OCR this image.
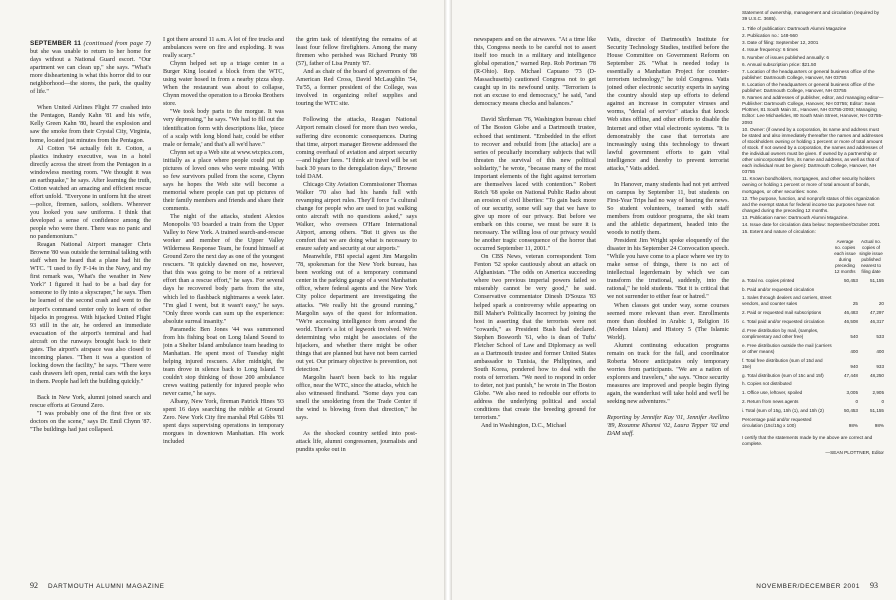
SEPTEMBER 11 (continued from page 7) but she was unable to return to her home for days without a National Guard escort. "Our apartment we can clean up," she says. "What's more disheartening is what this horror did to our neighborhood—the stores, the park, the quality of life."

When United Airlines Flight 77 crashed into the Pentagon, Randy Kahn '81 and his wife, Kelly Green Kahn '80, heard the explosion and saw the smoke from their Crystal City, Virginia, home, located just minutes from the Pentagon.

Al Cotton '64 actually felt it. Cotton, a plastics industry executive, was in a hotel directly across the street from the Pentagon in a windowless meeting room. "We thought it was an earthquake," he says. After learning the truth, Cotton watched an amazing and efficient rescue effort unfold. "Everyone in uniform hit the street—police, firemen, sailors, soldiers. Wherever you looked you saw uniforms. I think that developed a sense of confidence among the people who were there. There was no panic and no pandemonium."

Reagan National Airport manager Chris Browne '80 was outside the terminal talking with staff when he heard that a plane had hit the WTC. "I used to fly F-14s in the Navy, and my first remark was, 'What's the weather in New York?' I figured it had to be a bad day for someone to fly into a skyscraper," he says. Then he learned of the second crash and went to the airport's command center only to learn of other hijacks in progress. With hijacked United Flight 93 still in the air, he ordered an immediate evacuation of the airport's terminal and had aircraft on the runways brought back to their gates. The airport's airspace was also closed to incoming planes. "Then it was a question of locking down the facility," he says. "There were cash drawers left open, rental cars with the keys in them. People had left the building quickly."

Back in New York, alumni joined search and rescue efforts at Ground Zero.

"I was probably one of the first five or six doctors on the scene," says Dr. Emil Chynn '87. "The buildings had just collapsed.

I got there around 11 a.m. A lot of fire trucks and ambulances were on fire and exploding. It was really scary."

Chynn helped set up a triage center in a Burger King located a block from the WTC, using water hosed in from a nearby pizza shop. When the restaurant was about to collapse, Chynn moved the operation to a Brooks Brothers store.

"We took body parts to the morgue. It was very depressing," he says. "We had to fill out the identification form with descriptions like, 'piece of a scalp with long blond hair, could be either male or female,' and that's all we'd have."

Chynn set up a Web site at www.wtcpics.com, initially as a place where people could put up pictures of loved ones who were missing. With so few survivors pulled from the scene, Chynn says he hopes the Web site will become a memorial where people can put up pictures of their family members and friends and share their comments.

The night of the attacks, student Alexios Monopolis '03 boarded a train from the Upper Valley to New York. A trained search-and-rescue worker and member of the Upper Valley Wilderness Response Team, he found himself at Ground Zero the next day as one of the youngest rescuers. "It quickly dawned on me, however, that this was going to be more of a retrieval effort than a rescue effort," he says. For several days he recovered body parts from the site, which led to flashback nightmares a week later. "I'm glad I went, but it wasn't easy," he says. "Only three words can sum up the experience: absolute surreal insanity."

Paramedic Ben Jones '44 was summoned from his fishing boat on Long Island Sound to join a Shelter Island ambulance team heading to Manhattan. He spent most of Tuesday night helping injured rescuers. After midnight, the team drove in silence back to Long Island. "I couldn't stop thinking of those 200 ambulance crews waiting patiently for injured people who never came," he says.

Albany, New York, fireman Patrick Hines '93 spent 16 days searching the rubble at Ground Zero. New York City fire marshal Phil Gibbs '81 spent days supervising operations in temporary morgues in downtown Manhattan. His work included

the grim task of identifying the remains of at least four fellow firefighters. Among the many firemen who perished was Richard Prunty '88 (57), father of Lisa Prunty '87.

And as chair of the board of governors of the American Red Cross, David McLaughlin '54, Tu'55, a former president of the College, was involved in organizing relief supplies and touring the WTC site.

Following the attacks, Reagan National Airport remain closed for more than two weeks, suffering dire economic consequences. During that time, airport manager Browne addressed the coming overhaul of aviation and airport security—and higher fares. "I think air travel will be set back 30 years to the deregulation days," Browne told DAM.

Chicago City Aviation Commissioner Thomas Walker '70 also had his hands full with revamping airport rules. They'll force "a cultural change for people who are used to just walking onto aircraft with no questions asked," says Walker, who oversees O'Hare International Airport, among others. "But it gives us the comfort that we are doing what is necessary to ensure safety and security at our airports."

Meanwhile, FBI special agent Jim Margolin '78, spokesman for the New York bureau, has been working out of a temporary command center in the parking garage of a west Manhattan office, where federal agents and the New York City police department are investigating the attacks. "We really hit the ground running," Margolin says of the quest for information. "We're accessing intelligence from around the world. There's a lot of legwork involved. We're determining who might be associates of the hijackers, and whether there might be other things that are planned but have not been carried out yet. Our primary objective is prevention, not detection."

Margolin hasn't been back to his regular office, near the WTC, since the attacks, which he also witnessed firsthand. "Some days you can smell the smoldering from the Trade Center if the wind is blowing from that direction," he says.

As the shocked country settled into post-attack life, alumni congressmen, journalists and pundits spoke out in

92 DARTMOUTH ALUMNI MAGAZINE

newspapers and on the airwaves. "At a time like this, Congress needs to be careful not to assert itself too much in a military and intelligence global operation," warned Rep. Rob Portman '78 (R-Ohio). Rep. Michael Capuano '73 (D-Massachusetts) cautioned Congress not to get caught up in its newfound unity. "Terrorism is not an excuse to end democracy," he said, "and democracy means checks and balances."

David Shribman '76, Washington bureau chief of The Boston Globe and a Dartmouth trustee, echoed that sentiment. "Embedded in the effort to recover and rebuild from [the attacks] are a series of peculiarly incendiary subjects that will threaten the survival of this new political solidarity," he wrote, "because many of the most important elements of the fight against terrorism are themselves laced with contention." Robert Reich '68 spoke on National Public Radio about an erosion of civil liberties: "To gain back more of our security, some will say that we have to give up more of our privacy. But before we embark on this course, we must be sure it is necessary. The willing loss of our privacy would be another tragic consequence of the horror that occurred September 11, 2001."

On CBS News, veteran correspondent Tom Fenton '52 spoke cautiously about an attack on Afghanistan. "The odds on America succeeding where two previous imperial powers failed so miserably cannot be very good," he said. Conservative commentator Dinesh D'Souza '83 helped spark a controversy while appearing on Bill Maher's Politically Incorrect by joining the host in asserting that the terrorists were not "cowards," as President Bush had declared. Stephen Bosworth '61, who is dean of Tufts' Fletcher School of Law and Diplomacy as well as a Dartmouth trustee and former United States ambassador to Tunisia, the Philippines, and South Korea, pondered how to deal with the roots of terrorism. "We need to respond in order to deter, not just punish," he wrote in The Boston Globe. "We also need to redouble our efforts to address the underlying political and social conditions that create the breeding ground for terrorism."

And in Washington, D.C., Michael

Vatis, director of Dartmouth's Institute for Security Technology Studies, testified before the House Committee on Government Reform on September 26. "What is needed today is essentially a Manhattan Project for counter-terrorism technology," he told Congress. Vatis joined other electronic security experts in saying the country should step up efforts to defend against an increase in computer viruses and worms, "denial of service" attacks that knock Web sites offline, and other efforts to disable the Internet and other vital electronic systems. "It is demonstrably the case that terrorists are increasingly using this technology to thwart lawful government efforts to gain vital intelligence and thereby to prevent terrorist attacks," Vatis added.

In Hanover, many students had not yet arrived on campus by September 11, but students on First-Year Trips had no way of hearing the news. So student volunteers, teamed with staff members from outdoor programs, the ski team and the athletic department, headed into the woods to notify them.

President Jim Wright spoke eloquently of the disaster in his September 24 Convocation speech. "While you have come to a place where we try to make sense of things, there is no act of intellectual legerdemain by which we can transform the irrational, suddenly, into the rational," he told students. "But it is critical that we not surrender to either fear or hatred."

When classes got under way, some courses seemed more relevant than ever. Enrollments more than doubled in Arabic 1, Religion 16 (Modern Islam) and History 5 (The Islamic World).

Alumni continuing education programs remain on track for the fall, and coordinator Roberta Moore anticipates only temporary worries from participants. "We are a nation of explorers and travelers," she says. "Once security measures are improved and people begin flying again, the wanderlust will take hold and we'll be seeking new adventures."

Reporting by Jennifer Kay '01, Jennifer Avellino '89, Roxanne Khamsi '02, Laura Tepper '02 and DAM staff.

Statement of ownership, management and circulation (required by 39 U.S.C. 3685).
1. Title of publication: Dartmouth Alumni Magazine
2. Publication no.: 148-560
3. Date of filing: September 12, 2001
4. Issue frequency: 6 times
5. Number of issues published annually: 6
6. Annual subscription price: $21.50
7. Location of the headquarters or general business office of the publisher: Dartmouth College, Hanover, NH 03755
8. Location of the headquarters or general business office of the publisher: Dartmouth College, Hanover, NH 03755
9. Names and addresses of publisher, editor, and managing editor—Publisher: Dartmouth College, Hanover, NH 03755; Editor: Sean Plottner, 81 South Main St., Hanover, NH 03755-2093; Managing Editor: Lee Michaelides, 80 South Main Street, Hanover, NH 03755-2093
10. Owner: (if owned by a corporation, its name and address must be stated and also immediately thereafter the names and addresses of stockholders owning or holding 1 percent or more of total amount of stock. If not owned by a corporation, the names and addresses of the individual owners must be given. If owned by a partnership or other unincorporated firm, its name and address, as well as that of each individual must be given): Dartmouth College, Hanover, NH 03755
11. Known bondholders, mortgagees, and other security holders owning or holding 1 percent or more of total amount of bonds, mortgages, or other securities: none.
12. The purpose, function, and nonprofit status of this organization and the exempt status for federal income tax purposes have not changed during the preceding 12 months.
13. Publication name: Dartmouth Alumni Magazine.
14. Issue date for circulation data below: September/October 2001
15. Extent and nature of circulation:
	Average no. copies each issue during preceding 12 months	Actual no. copies of single issue published nearest to filing date
a. Total no. copies printed	50,453	51,155
b. Paid and/or requested circulation		
1. Sales through dealers and carriers, street vendors, and counter sales	25	20
2. Paid or requested mail subscriptions	46,483	47,297
c. Total paid and/or requested circulation	46,508	46,317
d. Free distribution by mail, (samples, complimentary and other free)	540	533
e. Free distribution outside the mail (carriers or other means)	400	400
f. Total free distribution (sum of 15d and 15e)	940	933
g. Total distribution (sum of 15c and 15f)	47,448	48,250
h. Copies not distributed		
1. Office use, leftover, spoiled	3,005	2,905
2. Return from news agents	0	0
i. Total (sum of 15g, 15h (1), and 15h (2)	50,453	51,155
Percentage paid and/or requested circulation (15c/15g x 100)	98%	98%
I certify that the statements made by me above are correct and complete.
—SEAN PLOTTNER, Editor
NOVEMBER/DECEMBER 2001 93
